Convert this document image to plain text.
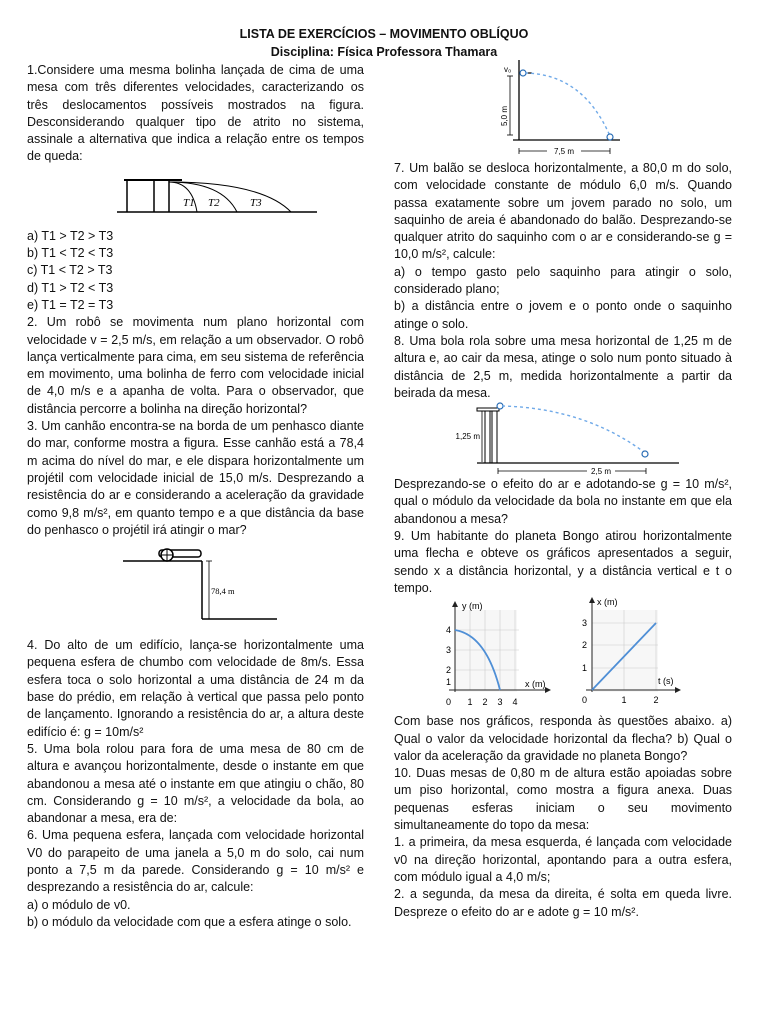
LISTA DE EXERCÍCIOS – MOVIMENTO OBLÍQUO
Disciplina: Física Professora Thamara

1.Considere uma mesma bolinha lançada de cima de uma mesa com três diferentes velocidades, caracterizando os três deslocamentos possíveis mostrados na figura. Desconsiderando qualquer tipo de atrito no sistema, assinale a alternativa que indica a relação entre os tempos de queda:

T1 T2	T3

a) T1 > T2 > T3

b) T1 < T2 < T3

c) T1 < T2 > T3

d) T1 > T2 < T3

e) T1 = T2 = T3

2. Um robô se movimenta num plano horizontal com velocidade v = 2,5 m/s, em relação a um observador. O robô lança verticalmente para cima, em seu sistema de referência em movimento, uma bolinha de ferro com velocidade inicial de 4,0 m/s e a apanha de volta. Para o observador, que distância percorre a bolinha na direção horizontal?

3. Um canhão encontra-se na borda de um penhasco diante do mar, conforme mostra a figura. Esse canhão está a 78,4 m acima do nível do mar, e ele dispara horizontalmente um projétil com velocidade inicial de 15,0 m/s. Desprezando a resistência do ar e considerando a aceleração da gravidade como 9,8 m/s², em quanto tempo e a que distância da base do penhasco o projétil irá atingir o mar?

78,4 m

4. Do alto de um edifício, lança-se horizontalmente uma pequena esfera de chumbo com velocidade de 8m/s. Essa esfera toca o solo horizontal a uma distância de 24 m da base do prédio, em relação à vertical que passa pelo ponto de lançamento. Ignorando a resistência do ar, a altura deste edifício é: g = 10m/s²

5. Uma bola rolou para fora de uma mesa de 80 cm de altura e avançou horizontalmente, desde o instante em que abandonou a mesa até o instante em que atingiu o chão, 80 cm. Considerando g = 10 m/s², a velocidade da bola, ao abandonar a mesa, era de:

6. Uma pequena esfera, lançada com velocidade horizontal V0 do parapeito de uma janela a 5,0 m do solo, cai num ponto a 7,5 m da parede. Considerando g = 10 m/s² e desprezando a resistência do ar, calcule:

a) o módulo de v0.

b) o módulo da velocidade com que a esfera atinge o solo.

v₀
5,0 m
7,5 m

7. Um balão se desloca horizontalmente, a 80,0 m do solo, com velocidade constante de módulo 6,0 m/s. Quando passa exatamente sobre um jovem parado no solo, um saquinho de areia é abandonado do balão. Desprezando-se qualquer atrito do saquinho com o ar e considerando-se g = 10,0 m/s², calcule:

a) o tempo gasto pelo saquinho para atingir o solo, considerado plano;

b) a distância entre o jovem e o ponto onde o saquinho atinge o solo.

8. Uma bola rola sobre uma mesa horizontal de 1,25 m de altura e, ao cair da mesa, atinge o solo num ponto situado à distância de 2,5 m, medida horizontalmente a partir da beirada da mesa.

1,25 m
2,5 m

Desprezando-se o efeito do ar e adotando-se g = 10 m/s², qual o módulo da velocidade da bola no instante em que ela abandonou a mesa?

9. Um habitante do planeta Bongo atirou horizontalmente uma flecha e obteve os gráficos apresentados a seguir, sendo x a distância horizontal, y a distância vertical e t o tempo.

y (m)
x (m)
4
3
2
1
0 1 2 3 4
x (m)
t (s)
3
2
1
0	1	2

Com base nos gráficos, responda às questões abaixo. a) Qual o valor da velocidade horizontal da flecha? b) Qual o valor da aceleração da gravidade no planeta Bongo?

10. Duas mesas de 0,80 m de altura estão apoiadas sobre um piso horizontal, como mostra a figura anexa. Duas pequenas esferas iniciam o seu movimento simultaneamente do topo da mesa:

1. a primeira, da mesa esquerda, é lançada com velocidade v0 na direção horizontal, apontando para a outra esfera, com módulo igual a 4,0 m/s;

2. a segunda, da mesa da direita, é solta em queda livre. Despreze o efeito do ar e adote g = 10 m/s².
